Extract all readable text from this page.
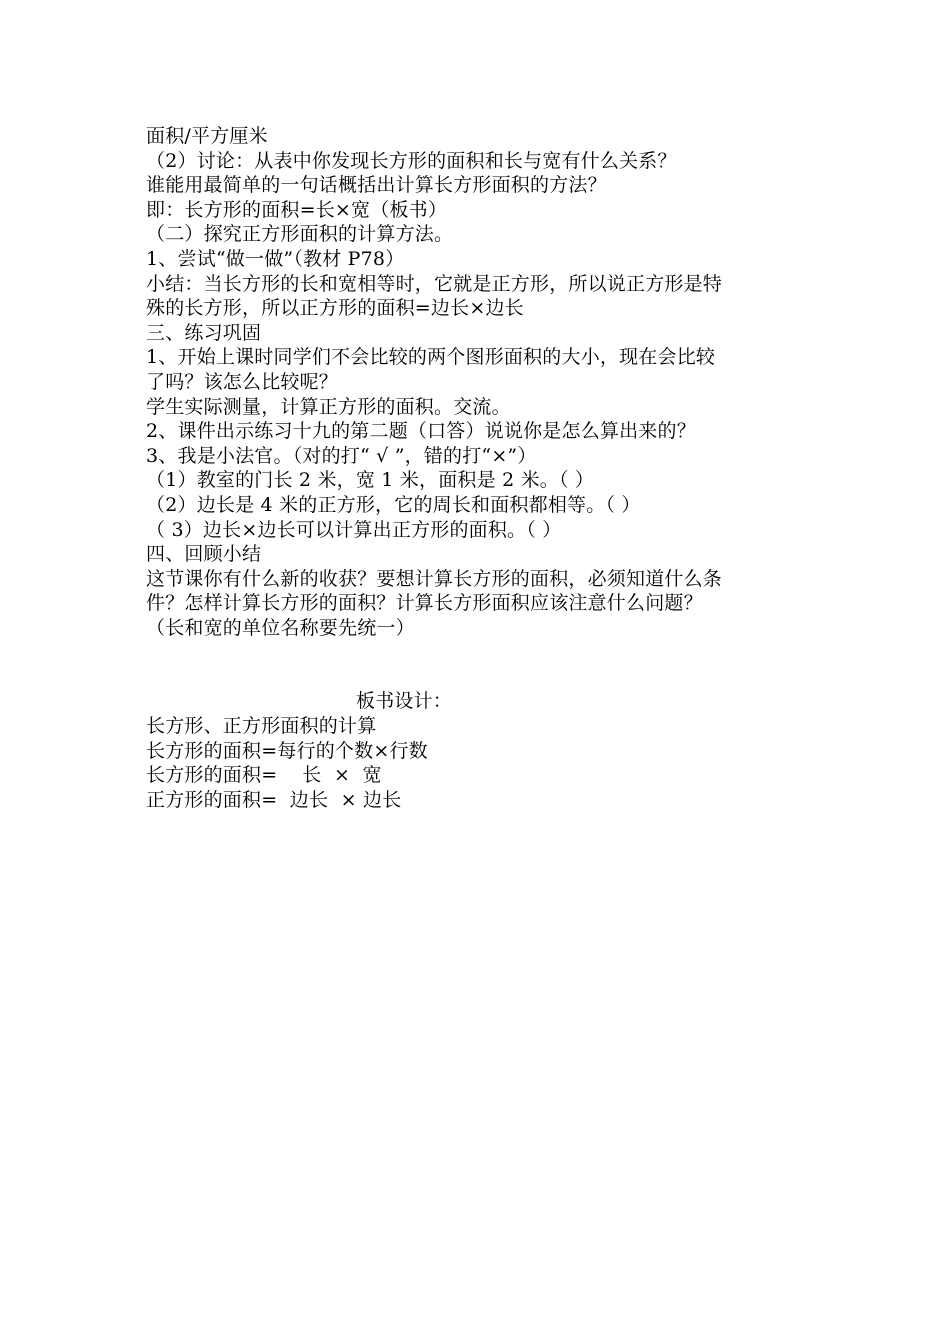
面积/平方厘米
（2）讨论：从表中你发现长方形的面积和长与宽有什么关系？
谁能用最简单的一句话概括出计算长方形面积的方法？
即：长方形的面积=长×宽（板书）
（二）探究正方形面积的计算方法。
1、尝试“做一做”（教材 P78）
小结：当长方形的长和宽相等时，它就是正方形，所以说正方形是特
殊的长方形，所以正方形的面积=边长×边长
三、练习巩固
1、开始上课时同学们不会比较的两个图形面积的大小，现在会比较
了吗？该怎么比较呢？
学生实际测量，计算正方形的面积。交流。
2、课件出示练习十九的第二题（口答）说说你是怎么算出来的？
3、我是小法官。（对的打“ √ ”，错的打“×”）
（1）教室的门长 2 米，宽 1 米，面积是 2 米。（ ）
（2）边长是 4 米的正方形，它的周长和面积都相等。（ ）
（ 3）边长×边长可以计算出正方形的面积。（ ）
四、回顾小结
这节课你有什么新的收获？要想计算长方形的面积，必须知道什么条
件？怎样计算长方形的面积？计算长方形面积应该注意什么问题？
（长和宽的单位名称要先统一）
板书设计：
长方形、正方形面积的计算
长方形的面积=每行的个数×行数
长方形的面积=    长  ×  宽
正方形的面积=  边长  × 边长
